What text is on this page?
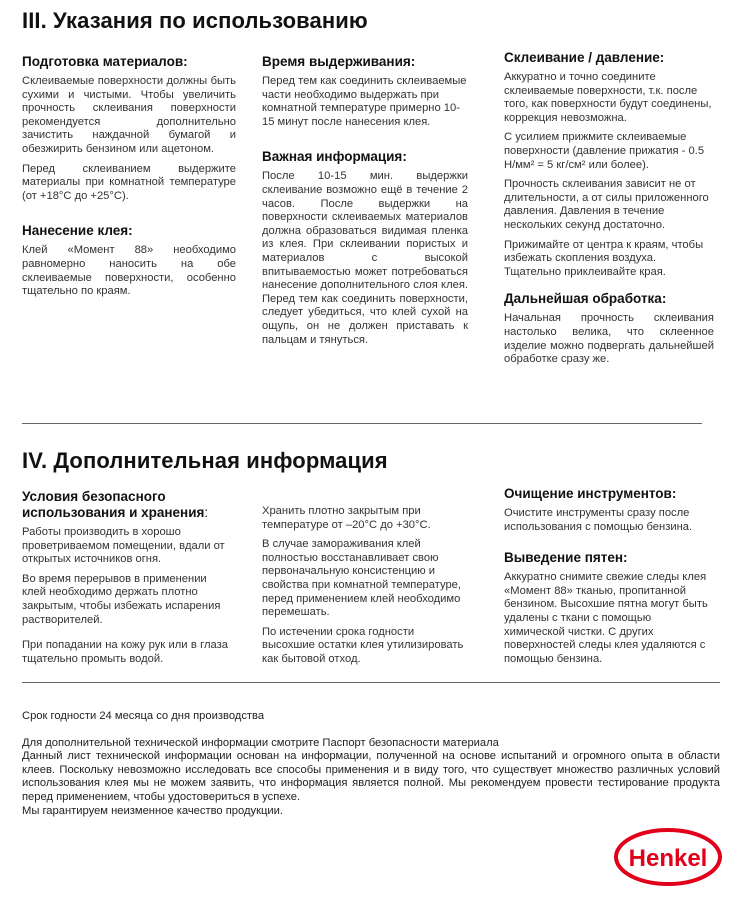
III. Указания по использованию
Подготовка материалов:
Склеиваемые поверхности должны быть сухими и чистыми. Чтобы увеличить прочность склеивания поверхности рекомендуется дополнительно зачистить наждачной бумагой и обезжирить бензином или ацетоном.
Перед склеиванием выдержите материалы при комнатной температуре (от +18°С до +25°С).
Нанесение клея:
Клей «Момент 88» необходимо равномерно наносить на обе склеиваемые поверхности, особенно тщательно по краям.
Время выдерживания:
Перед тем как соединить склеиваемые части необходимо выдержать при комнатной температуре примерно 10-15 минут после нанесения клея.
Важная информация:
После 10-15 мин. выдержки склеивание возможно ещё в течение 2 часов. После выдержки на поверхности склеиваемых материалов должна образоваться видимая пленка из клея. При склеивании пористых и материалов с высокой впитываемостью может потребоваться нанесение дополнительного слоя клея. Перед тем как соединить поверхности, следует убедиться, что клей сухой на ощупь, он не должен приставать к пальцам и тянуться.
Склеивание / давление:
Аккуратно и точно соедините склеиваемые поверхности, т.к. после того, как поверхности будут соединены, коррекция невозможна.
С усилием прижмите склеиваемые поверхности (давление прижатия - 0.5 Н/мм² = 5 кг/см² или более).
Прочность склеивания зависит не от длительности, а от силы приложенного давления. Давления в течение нескольких секунд достаточно.
Прижимайте от центра к краям, чтобы избежать скопления воздуха. Тщательно приклеивайте края.
Дальнейшая обработка:
Начальная прочность склеивания настолько велика, что склеенное изделие можно подвергать дальнейшей обработке сразу же.
IV. Дополнительная информация
Условия безопасного использования и хранения:
Работы производить в хорошо проветриваемом помещении, вдали от открытых источников огня.
Во время перерывов в применении клей необходимо держать плотно закрытым, чтобы избежать испарения растворителей.
При попадании на кожу рук или в глаза тщательно промыть водой.
Хранить плотно закрытым при температуре от –20°С до +30°С.
В случае замораживания клей полностью восстанавливает свою первоначальную консистенцию и свойства при комнатной температуре, перед применением клей необходимо перемешать.
По истечении срока годности высохшие остатки клея утилизировать как бытовой отход.
Очищение инструментов:
Очистите инструменты сразу после использования с помощью бензина.
Выведение пятен:
Аккуратно снимите свежие следы клея «Момент 88» тканью, пропитанной бензином. Высохшие пятна могут быть удалены с ткани с помощью химической чистки. С других поверхностей следы клея удаляются с помощью бензина.

Срок годности 24 месяца со дня производства

Для дополнительной технической информации смотрите Паспорт безопасности материала

Данный лист технической информации основан на информации, полученной на основе испытаний и огромного опыта в области клеев. Поскольку невозможно исследовать все способы применения и в виду того, что существует множество различных условий использования клея мы не можем заявить, что информация является полной. Мы рекомендуем провести тестирование продукта перед применением, чтобы удостовериться в успехе.

Мы гарантируем неизменное качество продукции.

Henkel
